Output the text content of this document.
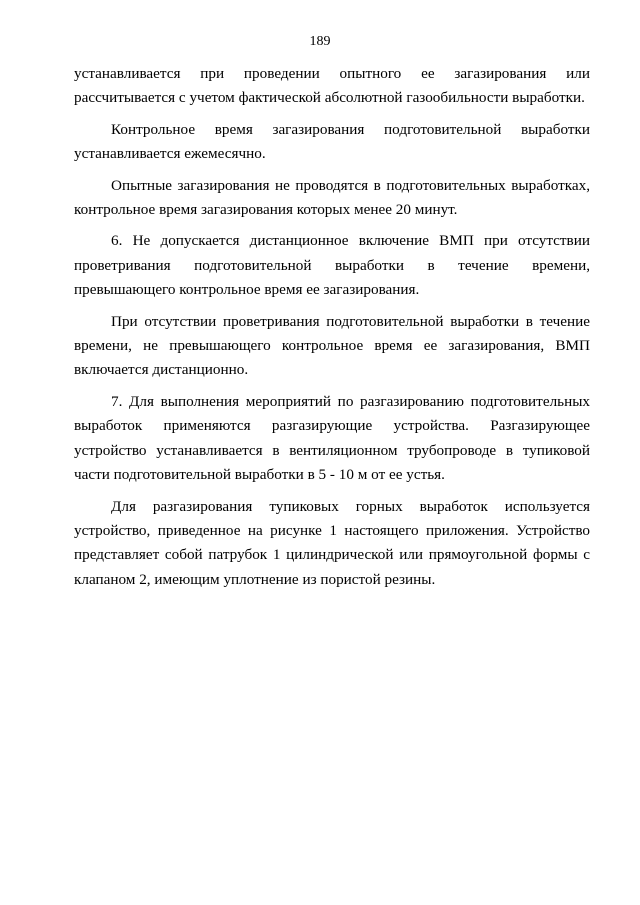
189

устанавливается при проведении опытного ее загазирования или рассчитывается с учетом фактической абсолютной газообильности выработки.

Контрольное время загазирования подготовительной выработки устанавливается ежемесячно.

Опытные загазирования не проводятся в подготовительных выработках, контрольное время загазирования которых менее 20 минут.

6. Не допускается дистанционное включение ВМП при отсутствии проветривания подготовительной выработки в течение времени, превышающего контрольное время ее загазирования.

При отсутствии проветривания подготовительной выработки в течение времени, не превышающего контрольное время ее загазирования, ВМП включается дистанционно.

7. Для выполнения мероприятий по разгазированию подготовительных выработок применяются разгазирующие устройства. Разгазирующее устройство устанавливается в вентиляционном трубопроводе в тупиковой части подготовительной выработки в 5 - 10 м от ее устья.

Для разгазирования тупиковых горных выработок используется устройство, приведенное на рисунке 1 настоящего приложения. Устройство представляет собой патрубок 1 цилиндрической или прямоугольной формы с клапаном 2, имеющим уплотнение из пористой резины.
